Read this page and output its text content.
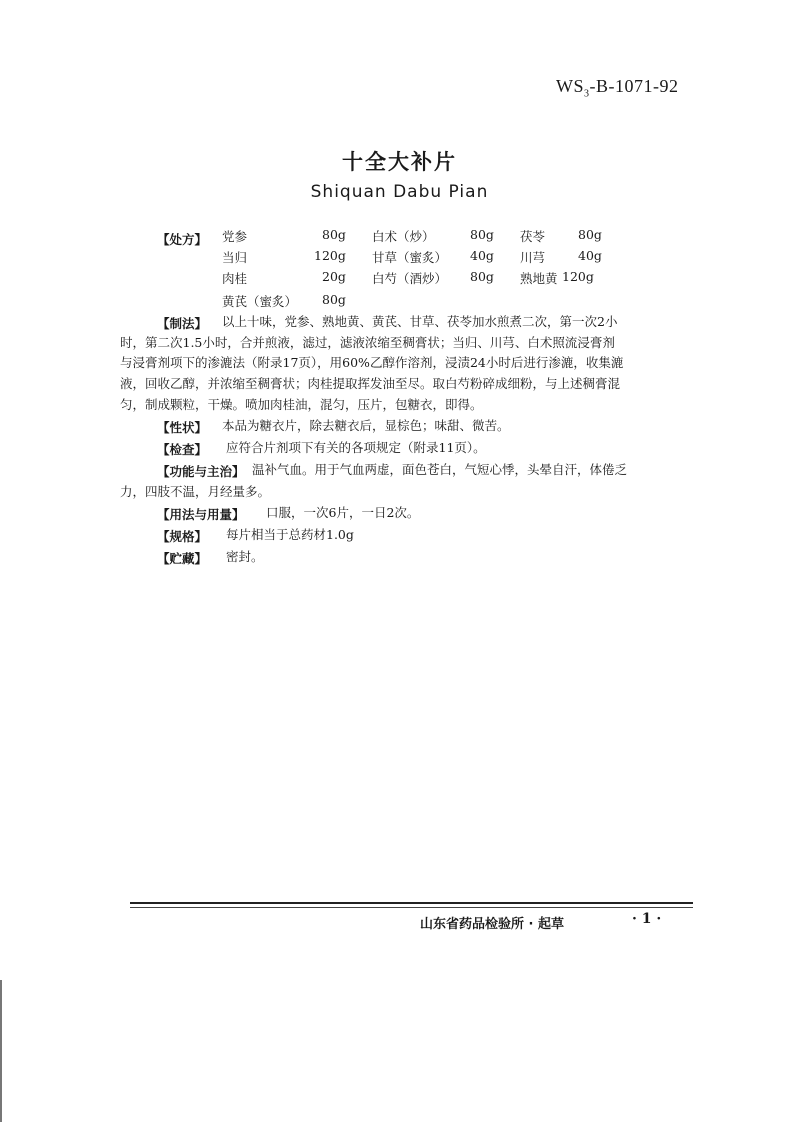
$WS_3-B-1071-92$
十全大补片
Shiquan Dabu Pian
【处方】 党参	80g 白术（炒）	80g 茯苓	80g
当归	120g 甘草（蜜炙） 40g 川芎	40g
肉桂	20g 白芍（酒炒） 80g 熟地黄 120g
黄芪（蜜炙） 80g
【制法】 以上十味，党参、熟地黄、黄芪、甘草、茯苓加水煎煮二次，第一次2小
时，第二次1.5小时，合并煎液，滤过，滤液浓缩至稠膏状；当归、川芎、白术照流浸膏剂
与浸膏剂项下的渗漉法（附录17页），用60%乙醇作溶剂，浸渍24小时后进行渗漉，收集漉
液，回收乙醇，并浓缩至稠膏状；肉桂提取挥发油至尽。取白芍粉碎成细粉，与上述稠膏混
匀，制成颗粒，干燥。喷加肉桂油，混匀，压片，包糖衣，即得。
【性状】 本品为糖衣片，除去糖衣后，显棕色；味甜、微苦。
【检查】 应符合片剂项下有关的各项规定（附录11页）。
【功能与主治】 温补气血。用于气血两虚，面色苍白，气短心悸，头晕自汗，体倦乏
力，四肢不温，月经量多。
【用法与用量】 口服，一次6片，一日2次。
【规格】 每片相当于总药材1.0g
【贮藏】 密封。
山东省药品检验所 · 起草	· 1 ·
